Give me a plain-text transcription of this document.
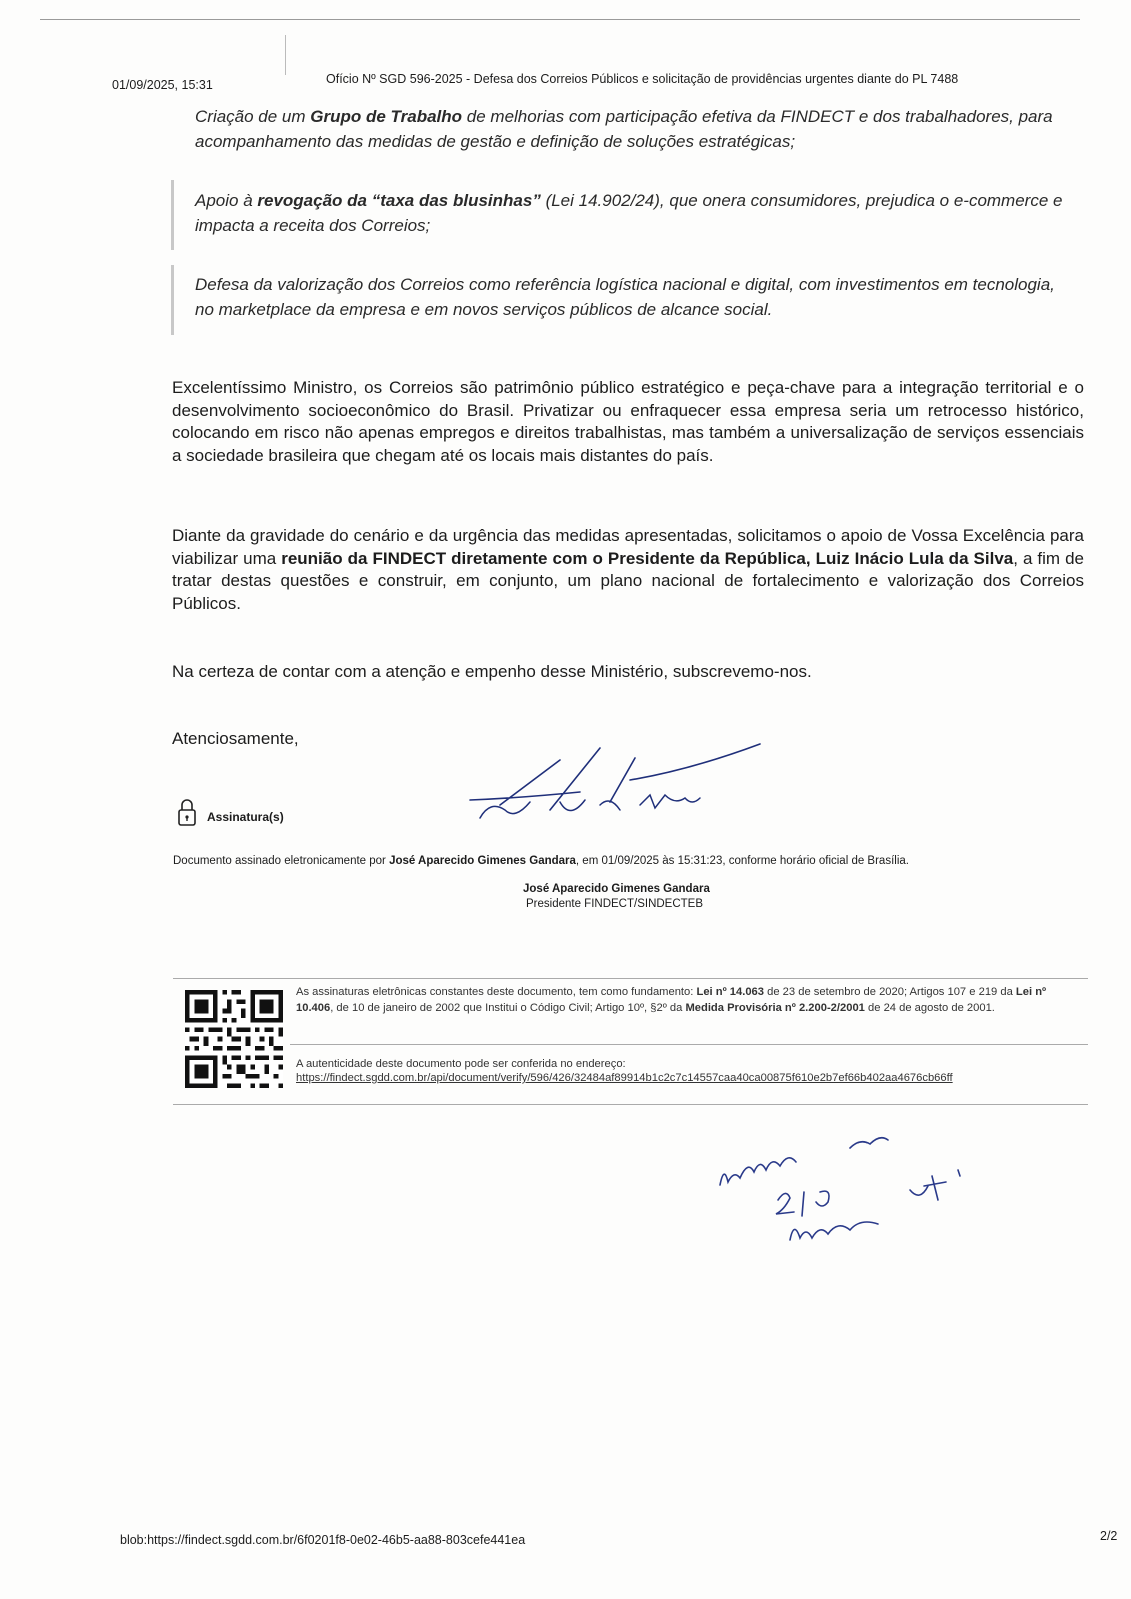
01/09/2025, 15:31	Ofício Nº SGD 596-2025 - Defesa dos Correios Públicos e solicitação de providências urgentes diante do PL 7488
Criação de um Grupo de Trabalho de melhorias com participação efetiva da FINDECT e dos trabalhadores, para acompanhamento das medidas de gestão e definição de soluções estratégicas;
Apoio à revogação da “taxa das blusinhas” (Lei 14.902/24), que onera consumidores, prejudica o e-commerce e impacta a receita dos Correios;
Defesa da valorização dos Correios como referência logística nacional e digital, com investimentos em tecnologia, no marketplace da empresa e em novos serviços públicos de alcance social.
Excelentíssimo Ministro, os Correios são patrimônio público estratégico e peça-chave para a integração territorial e o desenvolvimento socioeconômico do Brasil. Privatizar ou enfraquecer essa empresa seria um retrocesso histórico, colocando em risco não apenas empregos e direitos trabalhistas, mas também a universalização de serviços essenciais a sociedade brasileira que chegam até os locais mais distantes do país.
Diante da gravidade do cenário e da urgência das medidas apresentadas, solicitamos o apoio de Vossa Excelência para viabilizar uma reunião da FINDECT diretamente com o Presidente da República, Luiz Inácio Lula da Silva, a fim de tratar destas questões e construir, em conjunto, um plano nacional de fortalecimento e valorização dos Correios Públicos.
Na certeza de contar com a atenção e empenho desse Ministério, subscrevemo-nos.
Atenciosamente,
Assinatura(s)
Documento assinado eletronicamente por José Aparecido Gimenes Gandara, em 01/09/2025 às 15:31:23, conforme horário oficial de Brasília.
José Aparecido Gimenes Gandara
Presidente FINDECT/SINDECTEB
As assinaturas eletrônicas constantes deste documento, tem como fundamento: Lei nº 14.063 de 23 de setembro de 2020; Artigos 107 e 219 da Lei nº 10.406, de 10 de janeiro de 2002 que Institui o Código Civil; Artigo 10º, §2º da Medida Provisória nº 2.200-2/2001 de 24 de agosto de 2001.
A autenticidade deste documento pode ser conferida no endereço:
https://findect.sgdd.com.br/api/document/verify/596/426/32484af89914b1c2c7c14557caa40ca00875f610e2b7ef66b402aa4676cb66ff
blob:https://findect.sgdd.com.br/6f0201f8-0e02-46b5-aa88-803cefe441ea	2/2
